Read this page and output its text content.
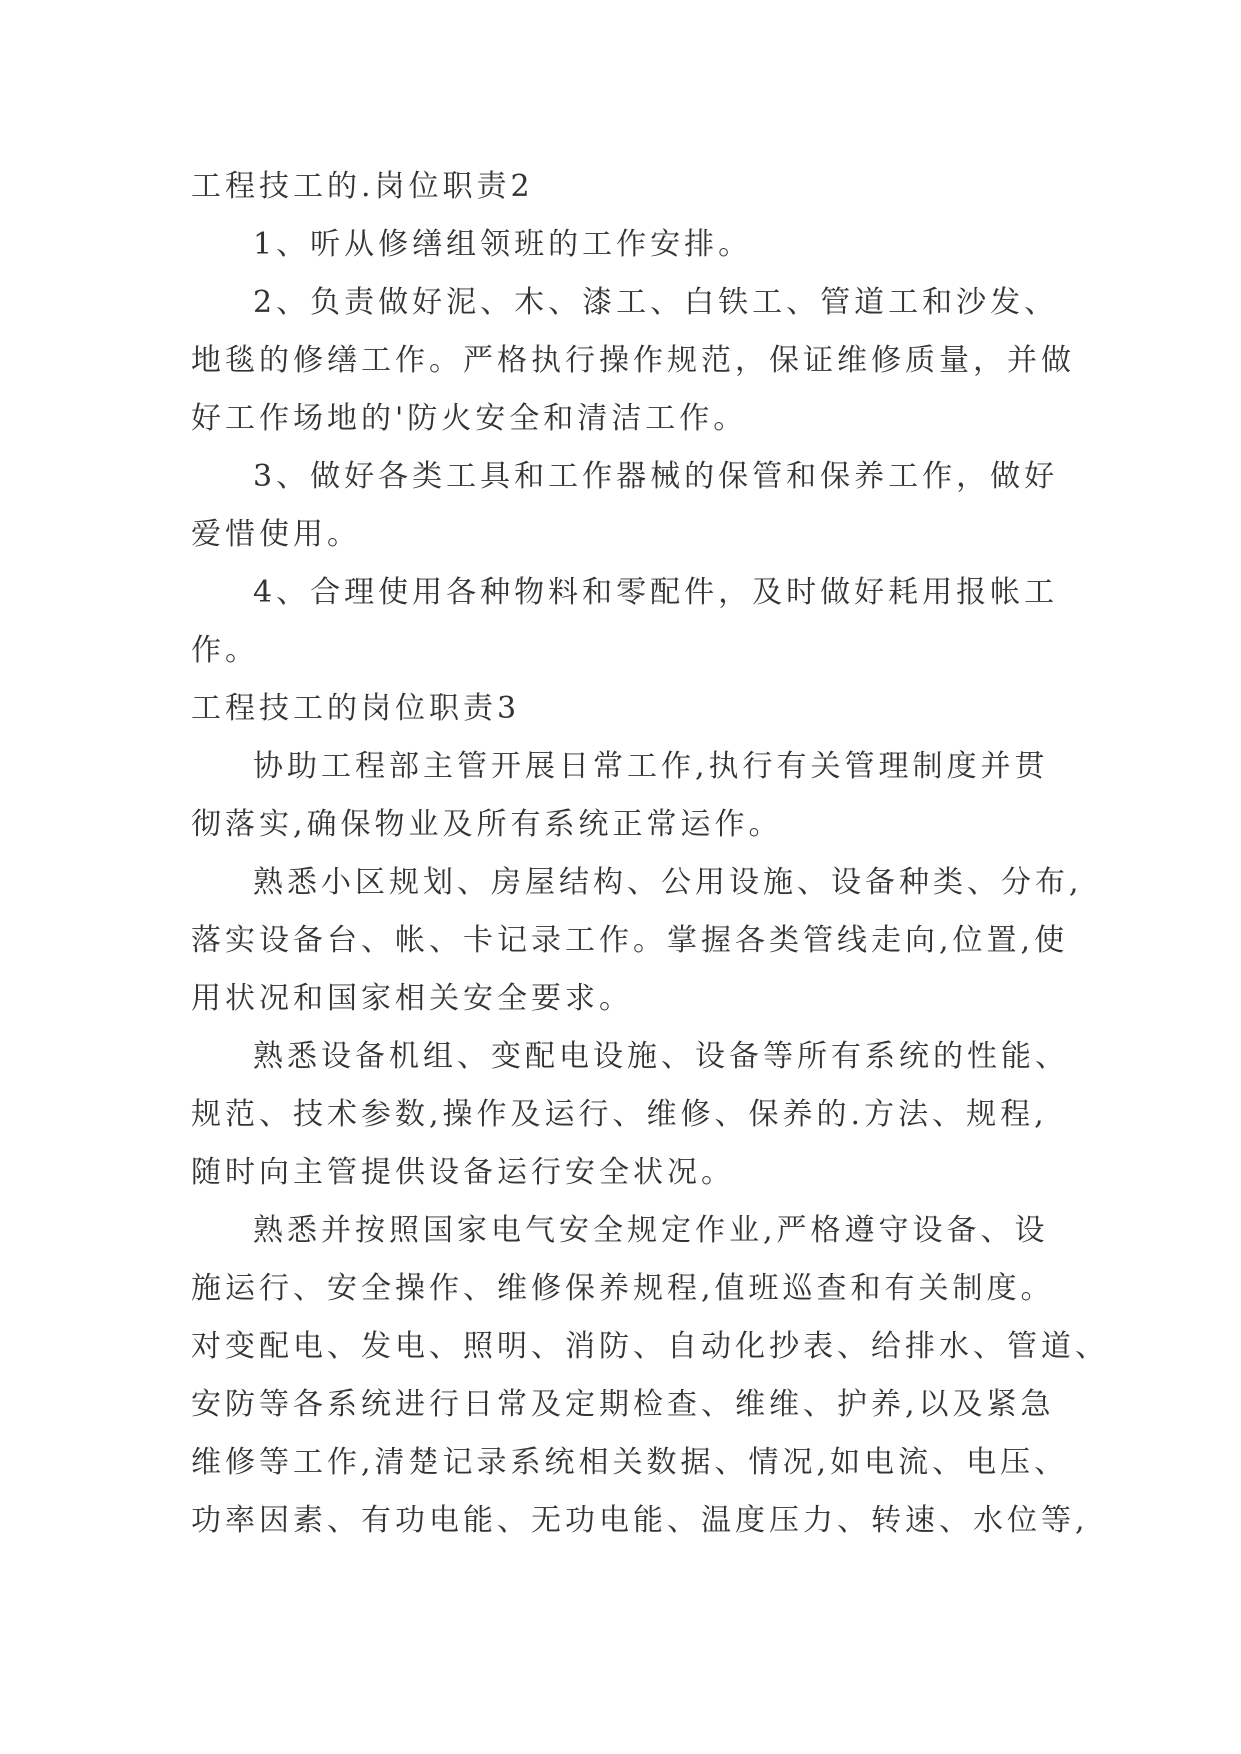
工程技工的.岗位职责2

1、听从修缮组领班的工作安排。

2、负责做好泥、木、漆工、白铁工、管道工和沙发、

地毯的修缮工作。严格执行操作规范，保证维修质量，并做

好工作场地的'防火安全和清洁工作。

3、做好各类工具和工作器械的保管和保养工作，做好

爱惜使用。

4、合理使用各种物料和零配件，及时做好耗用报帐工

作。

工程技工的岗位职责3

协助工程部主管开展日常工作,执行有关管理制度并贯

彻落实,确保物业及所有系统正常运作。

熟悉小区规划、房屋结构、公用设施、设备种类、分布,

落实设备台、帐、卡记录工作。掌握各类管线走向,位置,使

用状况和国家相关安全要求。

熟悉设备机组、变配电设施、设备等所有系统的性能、

规范、技术参数,操作及运行、维修、保养的.方法、规程,

随时向主管提供设备运行安全状况。

熟悉并按照国家电气安全规定作业,严格遵守设备、设

施运行、安全操作、维修保养规程,值班巡查和有关制度。

对变配电、发电、照明、消防、自动化抄表、给排水、管道、

安防等各系统进行日常及定期检查、维维、护养,以及紧急

维修等工作,清楚记录系统相关数据、情况,如电流、电压、

功率因素、有功电能、无功电能、温度压力、转速、水位等,
